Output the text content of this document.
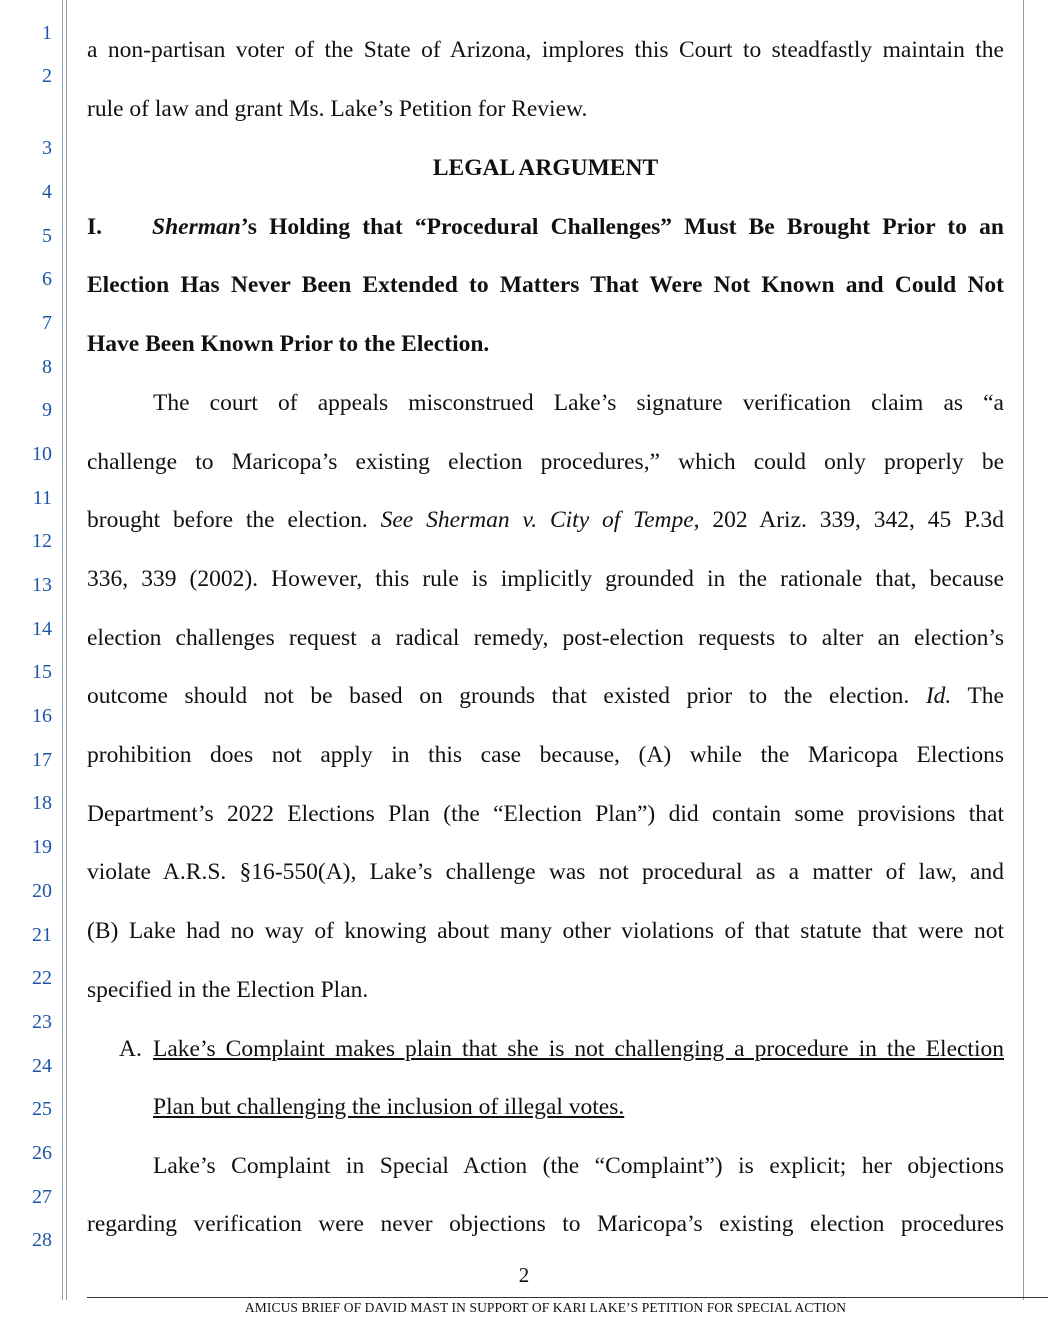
1
2
3
4
5
6
7
8
9
10
11
12
13
14
15
16
17
18
19
20
21
22
23
24
25
26
27
28
a non-partisan voter of the State of Arizona, implores this Court to steadfastly maintain the
rule of law and grant Ms. Lake’s Petition for Review.
LEGAL ARGUMENT
I. Sherman’s Holding that “Procedural Challenges” Must Be Brought Prior to an
Election Has Never Been Extended to Matters That Were Not Known and Could Not
Have Been Known Prior to the Election.
The court of appeals misconstrued Lake’s signature verification claim as “a
challenge to Maricopa’s existing election procedures,” which could only properly be
brought before the election. See Sherman v. City of Tempe, 202 Ariz. 339, 342, 45 P.3d
336, 339 (2002). However, this rule is implicitly grounded in the rationale that, because
election challenges request a radical remedy, post-election requests to alter an election’s
outcome should not be based on grounds that existed prior to the election. Id. The
prohibition does not apply in this case because, (A) while the Maricopa Elections
Department’s 2022 Elections Plan (the “Election Plan”) did contain some provisions that
violate A.R.S. §16-550(A), Lake’s challenge was not procedural as a matter of law, and
(B) Lake had no way of knowing about many other violations of that statute that were not
specified in the Election Plan.
A. Lake’s Complaint makes plain that she is not challenging a procedure in the Election
Plan but challenging the inclusion of illegal votes.
Lake’s Complaint in Special Action (the “Complaint”) is explicit; her objections
regarding verification were never objections to Maricopa’s existing election procedures
2
AMICUS BRIEF OF DAVID MAST IN SUPPORT OF KARI LAKE’S PETITION FOR SPECIAL ACTION
